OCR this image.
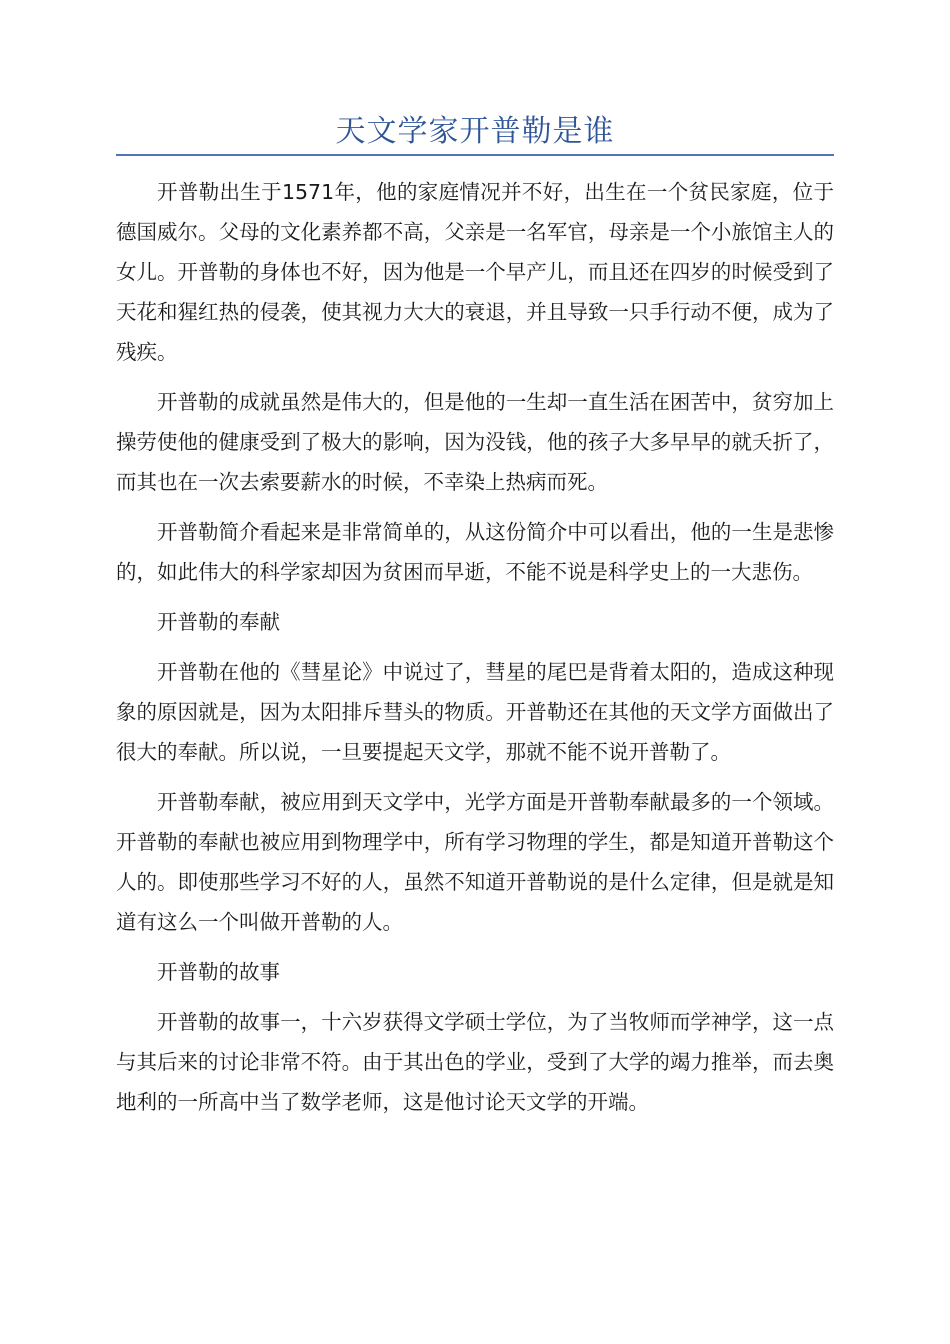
天文学家开普勒是谁

开普勒出生于1571年，他的家庭情况并不好，出生在一个贫民家庭，位于德国威尔。父母的文化素养都不高，父亲是一名军官，母亲是一个小旅馆主人的女儿。开普勒的身体也不好，因为他是一个早产儿，而且还在四岁的时候受到了天花和猩红热的侵袭，使其视力大大的衰退，并且导致一只手行动不便，成为了残疾。

开普勒的成就虽然是伟大的，但是他的一生却一直生活在困苦中，贫穷加上操劳使他的健康受到了极大的影响，因为没钱，他的孩子大多早早的就夭折了，而其也在一次去索要薪水的时候，不幸染上热病而死。

开普勒简介看起来是非常简单的，从这份简介中可以看出，他的一生是悲惨的，如此伟大的科学家却因为贫困而早逝，不能不说是科学史上的一大悲伤。

开普勒的奉献

开普勒在他的《彗星论》中说过了，彗星的尾巴是背着太阳的，造成这种现象的原因就是，因为太阳排斥彗头的物质。开普勒还在其他的天文学方面做出了很大的奉献。所以说，一旦要提起天文学，那就不能不说开普勒了。

开普勒奉献，被应用到天文学中，光学方面是开普勒奉献最多的一个领域。开普勒的奉献也被应用到物理学中，所有学习物理的学生，都是知道开普勒这个人的。即使那些学习不好的人，虽然不知道开普勒说的是什么定律，但是就是知道有这么一个叫做开普勒的人。

开普勒的故事

开普勒的故事一，十六岁获得文学硕士学位，为了当牧师而学神学，这一点与其后来的讨论非常不符。由于其出色的学业，受到了大学的竭力推举，而去奥地利的一所高中当了数学老师，这是他讨论天文学的开端。
